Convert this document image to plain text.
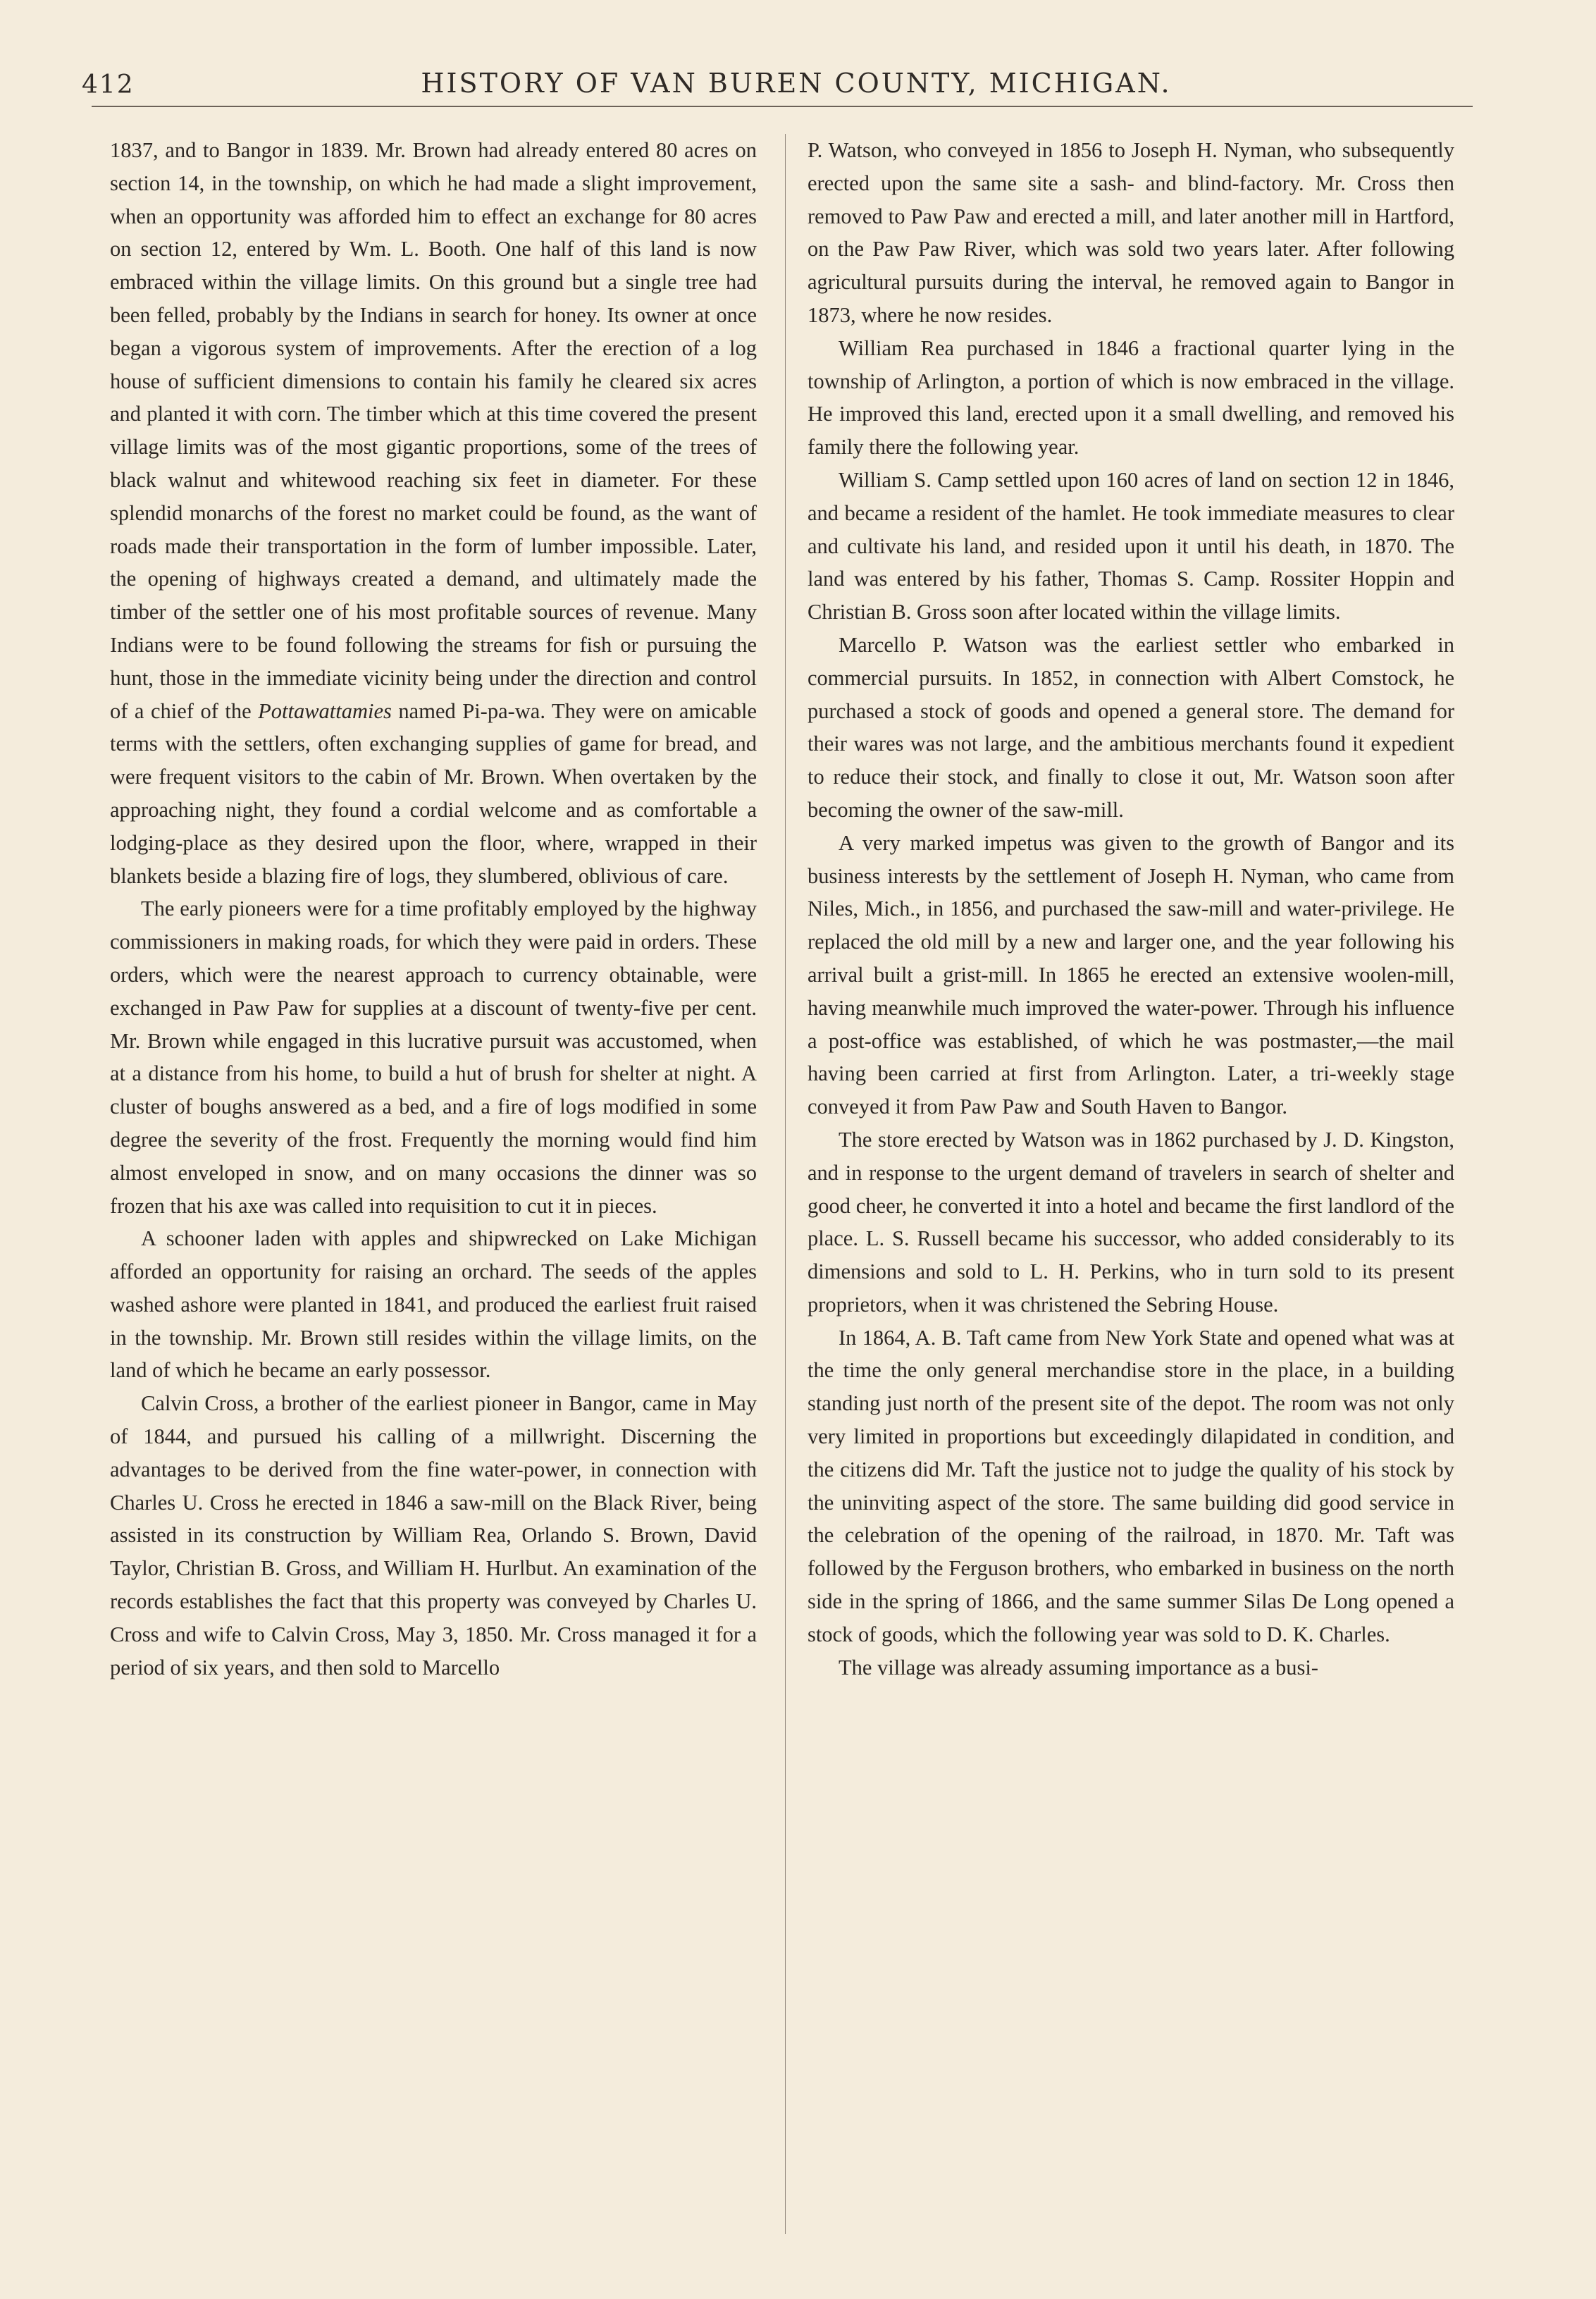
412	HISTORY OF VAN BUREN COUNTY, MICHIGAN.

1837, and to Bangor in 1839. Mr. Brown had already entered 80 acres on section 14, in the township, on which he had made a slight improvement, when an opportunity was afforded him to effect an exchange for 80 acres on section 12, entered by Wm. L. Booth. One half of this land is now embraced within the village limits. On this ground but a single tree had been felled, probably by the Indians in search for honey. Its owner at once began a vigorous system of improvements. After the erection of a log house of sufficient dimensions to contain his family he cleared six acres and planted it with corn. The timber which at this time covered the present village limits was of the most gigantic proportions, some of the trees of black walnut and whitewood reaching six feet in diameter. For these splendid monarchs of the forest no market could be found, as the want of roads made their transportation in the form of lumber impossible. Later, the opening of highways created a demand, and ultimately made the timber of the settler one of his most profitable sources of revenue. Many Indians were to be found following the streams for fish or pursuing the hunt, those in the immediate vicinity being under the direction and control of a chief of the Pottawattamies named Pi-pa-wa. They were on amicable terms with the settlers, often exchanging supplies of game for bread, and were frequent visitors to the cabin of Mr. Brown. When overtaken by the approaching night, they found a cordial welcome and as comfortable a lodging-place as they desired upon the floor, where, wrapped in their blankets beside a blazing fire of logs, they slumbered, oblivious of care.

The early pioneers were for a time profitably employed by the highway commissioners in making roads, for which they were paid in orders. These orders, which were the nearest approach to currency obtainable, were exchanged in Paw Paw for supplies at a discount of twenty-five per cent. Mr. Brown while engaged in this lucrative pursuit was accustomed, when at a distance from his home, to build a hut of brush for shelter at night. A cluster of boughs answered as a bed, and a fire of logs modified in some degree the severity of the frost. Frequently the morning would find him almost enveloped in snow, and on many occasions the dinner was so frozen that his axe was called into requisition to cut it in pieces.

A schooner laden with apples and shipwrecked on Lake Michigan afforded an opportunity for raising an orchard. The seeds of the apples washed ashore were planted in 1841, and produced the earliest fruit raised in the township. Mr. Brown still resides within the village limits, on the land of which he became an early possessor.

Calvin Cross, a brother of the earliest pioneer in Bangor, came in May of 1844, and pursued his calling of a millwright. Discerning the advantages to be derived from the fine water-power, in connection with Charles U. Cross he erected in 1846 a saw-mill on the Black River, being assisted in its construction by William Rea, Orlando S. Brown, David Taylor, Christian B. Gross, and William H. Hurlbut. An examination of the records establishes the fact that this property was conveyed by Charles U. Cross and wife to Calvin Cross, May 3, 1850. Mr. Cross managed it for a period of six years, and then sold to Marcello

P. Watson, who conveyed in 1856 to Joseph H. Nyman, who subsequently erected upon the same site a sash- and blind-factory. Mr. Cross then removed to Paw Paw and erected a mill, and later another mill in Hartford, on the Paw Paw River, which was sold two years later. After following agricultural pursuits during the interval, he removed again to Bangor in 1873, where he now resides.

William Rea purchased in 1846 a fractional quarter lying in the township of Arlington, a portion of which is now embraced in the village. He improved this land, erected upon it a small dwelling, and removed his family there the following year.

William S. Camp settled upon 160 acres of land on section 12 in 1846, and became a resident of the hamlet. He took immediate measures to clear and cultivate his land, and resided upon it until his death, in 1870. The land was entered by his father, Thomas S. Camp. Rossiter Hoppin and Christian B. Gross soon after located within the village limits.

Marcello P. Watson was the earliest settler who embarked in commercial pursuits. In 1852, in connection with Albert Comstock, he purchased a stock of goods and opened a general store. The demand for their wares was not large, and the ambitious merchants found it expedient to reduce their stock, and finally to close it out, Mr. Watson soon after becoming the owner of the saw-mill.

A very marked impetus was given to the growth of Bangor and its business interests by the settlement of Joseph H. Nyman, who came from Niles, Mich., in 1856, and purchased the saw-mill and water-privilege. He replaced the old mill by a new and larger one, and the year following his arrival built a grist-mill. In 1865 he erected an extensive woolen-mill, having meanwhile much improved the water-power. Through his influence a post-office was established, of which he was postmaster,—the mail having been carried at first from Arlington. Later, a tri-weekly stage conveyed it from Paw Paw and South Haven to Bangor.

The store erected by Watson was in 1862 purchased by J. D. Kingston, and in response to the urgent demand of travelers in search of shelter and good cheer, he converted it into a hotel and became the first landlord of the place. L. S. Russell became his successor, who added considerably to its dimensions and sold to L. H. Perkins, who in turn sold to its present proprietors, when it was christened the Sebring House.

In 1864, A. B. Taft came from New York State and opened what was at the time the only general merchandise store in the place, in a building standing just north of the present site of the depot. The room was not only very limited in proportions but exceedingly dilapidated in condition, and the citizens did Mr. Taft the justice not to judge the quality of his stock by the uninviting aspect of the store. The same building did good service in the celebration of the opening of the railroad, in 1870. Mr. Taft was followed by the Ferguson brothers, who embarked in business on the north side in the spring of 1866, and the same summer Silas De Long opened a stock of goods, which the following year was sold to D. K. Charles.

The village was already assuming importance as a busi-
